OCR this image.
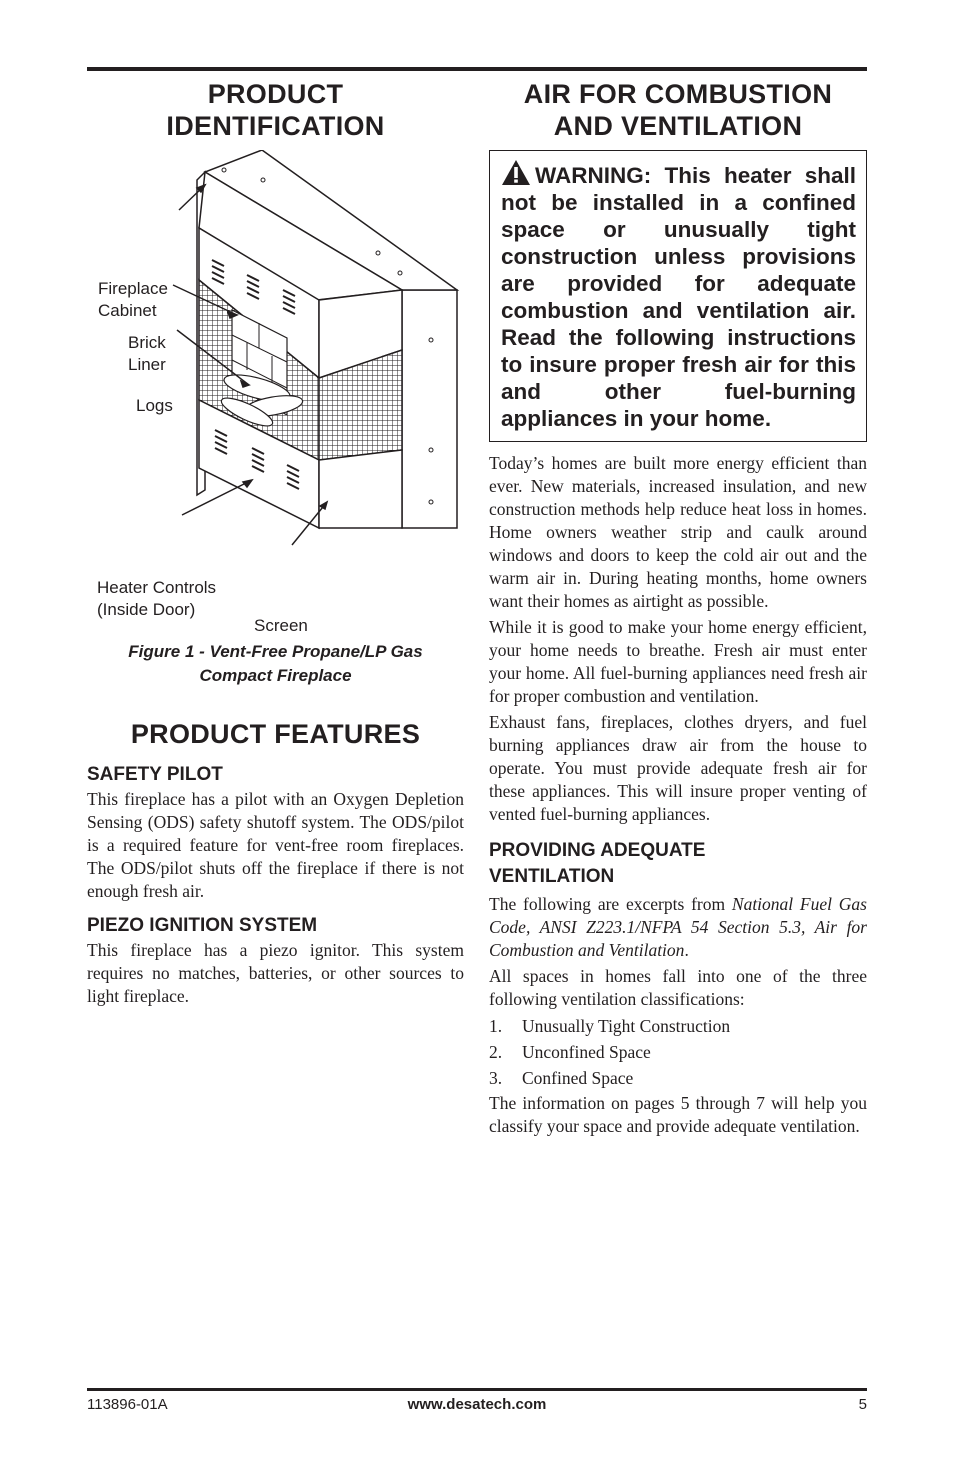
PRODUCT
IDENTIFICATION
Fireplace
Cabinet
Brick
Liner
Logs
Heater Controls
(Inside Door)
Screen

Figure 1 - Vent-Free Propane/LP Gas
Compact Fireplace

PRODUCT FEATURES
SAFETY PILOT

This fireplace has a pilot with an Oxygen Depletion Sensing (ODS) safety shutoff system. The ODS/pilot is a required feature for vent-free room fireplaces. The ODS/pilot shuts off the fireplace if there is not enough fresh air.

PIEZO IGNITION SYSTEM

This fireplace has a piezo ignitor. This system requires no matches, batteries, or other sources to light fireplace.

AIR FOR COMBUSTION
AND VENTILATION

WARNING: This heater shall not be installed in a confined space or unusually tight construction unless provisions are provided for adequate combustion and ventilation air. Read the following instructions to insure proper fresh air for this and other fuel-burning appliances in your home.

Today’s homes are built more energy efficient than ever. New materials, increased insulation, and new construction methods help reduce heat loss in homes. Home owners weather strip and caulk around windows and doors to keep the cold air out and the warm air in. During heating months, home owners want their homes as airtight as possible.

While it is good to make your home energy efficient, your home needs to breathe. Fresh air must enter your home. All fuel-burning appliances need fresh air for proper combustion and ventilation.

Exhaust fans, fireplaces, clothes dryers, and fuel burning appliances draw air from the house to operate. You must provide adequate fresh air for these appliances. This will insure proper venting of vented fuel-burning appliances.

PROVIDING ADEQUATE
VENTILATION

The following are excerpts from National Fuel Gas Code, ANSI Z223.1/NFPA 54 Section 5.3, Air for Combustion and Ventilation.

All spaces in homes fall into one of the three following ventilation classifications:

1. Unusually Tight Construction
2. Unconfined Space
3. Confined Space

The information on pages 5 through 7 will help you classify your space and provide adequate ventilation.

113896-01A	www.desatech.com	5
